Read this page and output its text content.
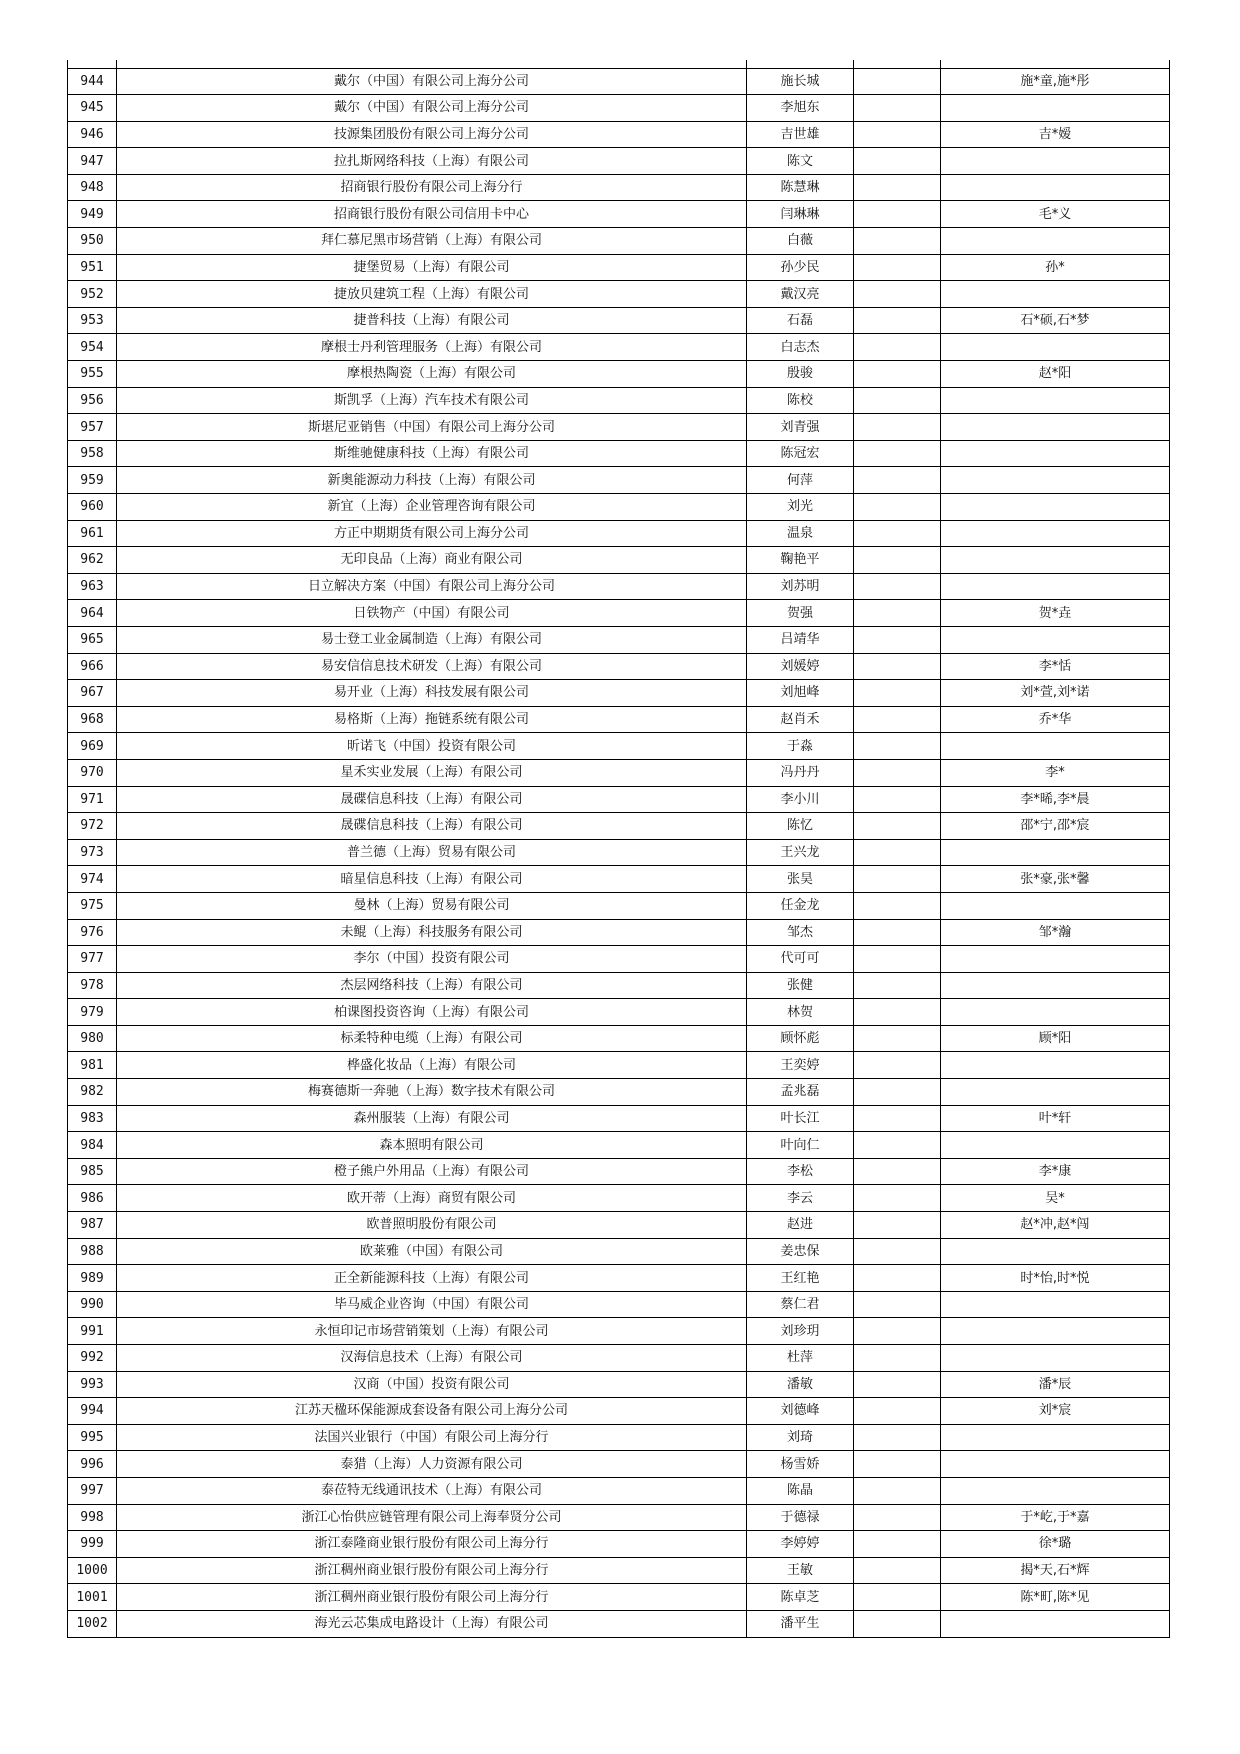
944	戴尔（中国）有限公司上海分公司	施长城		施*童,施*彤
945	戴尔（中国）有限公司上海分公司	李旭东		
946	技源集团股份有限公司上海分公司	吉世雄		吉*嫒
947	拉扎斯网络科技（上海）有限公司	陈文		
948	招商银行股份有限公司上海分行	陈慧琳		
949	招商银行股份有限公司信用卡中心	闫琳琳		毛*义
950	拜仁慕尼黑市场营销（上海）有限公司	白薇		
951	捷堡贸易（上海）有限公司	孙少民		孙*
952	捷放贝建筑工程（上海）有限公司	戴汉亮		
953	捷普科技（上海）有限公司	石磊		石*硕,石*梦
954	摩根士丹利管理服务（上海）有限公司	白志杰		
955	摩根热陶瓷（上海）有限公司	殷骏		赵*阳
956	斯凯孚（上海）汽车技术有限公司	陈校		
957	斯堪尼亚销售（中国）有限公司上海分公司	刘青强		
958	斯维驰健康科技（上海）有限公司	陈冠宏		
959	新奥能源动力科技（上海）有限公司	何萍		
960	新宜（上海）企业管理咨询有限公司	刘光		
961	方正中期期货有限公司上海分公司	温泉		
962	无印良品（上海）商业有限公司	鞠艳平		
963	日立解决方案（中国）有限公司上海分公司	刘苏明		
964	日铁物产（中国）有限公司	贺强		贺*垚
965	易士登工业金属制造（上海）有限公司	吕靖华		
966	易安信信息技术研发（上海）有限公司	刘媛婷		李*恬
967	易开业（上海）科技发展有限公司	刘旭峰		刘*萱,刘*诺
968	易格斯（上海）拖链系统有限公司	赵肖禾		乔*华
969	昕诺飞（中国）投资有限公司	于淼		
970	星禾实业发展（上海）有限公司	冯丹丹		李*
971	晟碟信息科技（上海）有限公司	李小川		李*晞,李*晨
972	晟碟信息科技（上海）有限公司	陈忆		邵*宁,邵*宸
973	普兰德（上海）贸易有限公司	王兴龙		
974	暗星信息科技（上海）有限公司	张昊		张*豪,张*馨
975	曼林（上海）贸易有限公司	任金龙		
976	未鲲（上海）科技服务有限公司	邹杰		邹*瀚
977	李尔（中国）投资有限公司	代可可		
978	杰层网络科技（上海）有限公司	张健		
979	柏课图投资咨询（上海）有限公司	林贺		
980	标柔特种电缆（上海）有限公司	顾怀彪		顾*阳
981	桦盛化妆品（上海）有限公司	王奕婷		
982	梅赛德斯一奔驰（上海）数字技术有限公司	孟兆磊		
983	森州服装（上海）有限公司	叶长江		叶*轩
984	森本照明有限公司	叶向仁		
985	橙子熊户外用品（上海）有限公司	李松		李*康
986	欧开蒂（上海）商贸有限公司	李云		吴*
987	欧普照明股份有限公司	赵进		赵*冲,赵*闯
988	欧莱雅（中国）有限公司	姜忠保		
989	正全新能源科技（上海）有限公司	王红艳		时*怡,时*悦
990	毕马威企业咨询（中国）有限公司	蔡仁君		
991	永恒印记市场营销策划（上海）有限公司	刘珍玥		
992	汉海信息技术（上海）有限公司	杜萍		
993	汉商（中国）投资有限公司	潘敏		潘*辰
994	江苏天楹环保能源成套设备有限公司上海分公司	刘德峰		刘*宸
995	法国兴业银行（中国）有限公司上海分行	刘琦		
996	泰猎（上海）人力资源有限公司	杨雪娇		
997	泰莅特无线通讯技术（上海）有限公司	陈晶		
998	浙江心怡供应链管理有限公司上海奉贤分公司	于德禄		于*屹,于*嘉
999	浙江泰隆商业银行股份有限公司上海分行	李婷婷		徐*璐
1000	浙江稠州商业银行股份有限公司上海分行	王敏		揭*天,石*辉
1001	浙江稠州商业银行股份有限公司上海分行	陈卓芝		陈*町,陈*见
1002	海光云芯集成电路设计（上海）有限公司	潘平生		
